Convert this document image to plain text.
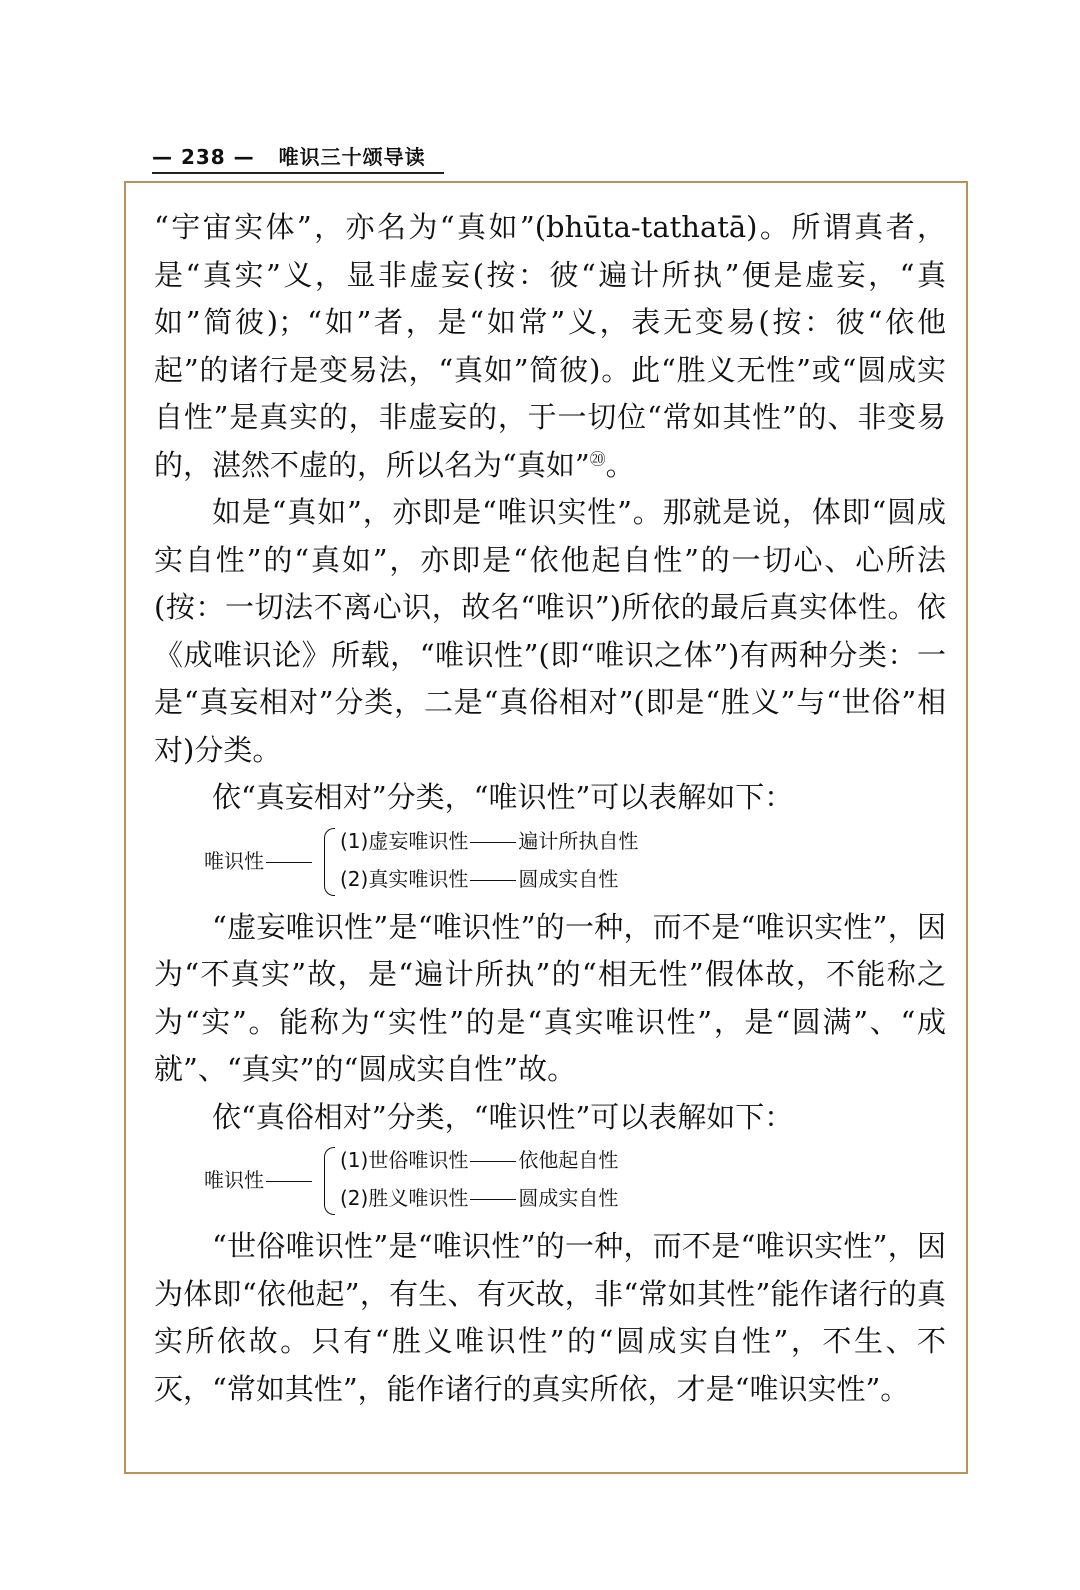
— 238 — 唯识三十颂导读

“宇宙实体”，亦名为“真如”(bhūta-tathatā)。所谓真者，是“真实”义，显非虚妄(按：彼“遍计所执”便是虚妄，“真如”简彼)；“如”者，是“如常”义，表无变易(按：彼“依他起”的诸行是变易法，“真如”简彼)。此“胜义无性”或“圆成实自性”是真实的，非虚妄的，于一切位“常如其性”的、非变易的，湛然不虚的，所以名为“真如”⑳。

如是“真如”，亦即是“唯识实性”。那就是说，体即“圆成实自性”的“真如”，亦即是“依他起自性”的一切心、心所法(按：一切法不离心识，故名“唯识”)所依的最后真实体性。依《成唯识论》所载，“唯识性”(即“唯识之体”)有两种分类：一是“真妄相对”分类，二是“真俗相对”(即是“胜义”与“世俗”相对)分类。

依“真妄相对”分类，“唯识性”可以表解如下：

唯识性
(1)虚妄唯识性	遍计所执自性
(2)真实唯识性	圆成实自性

“虚妄唯识性”是“唯识性”的一种，而不是“唯识实性”，因为“不真实”故，是“遍计所执”的“相无性”假体故，不能称之为“实”。能称为“实性”的是“真实唯识性”，是“圆满”、“成就”、“真实”的“圆成实自性”故。

依“真俗相对”分类，“唯识性”可以表解如下：

唯识性
(1)世俗唯识性	依他起自性
(2)胜义唯识性	圆成实自性

“世俗唯识性”是“唯识性”的一种，而不是“唯识实性”，因为体即“依他起”，有生、有灭故，非“常如其性”能作诸行的真实所依故。只有“胜义唯识性”的“圆成实自性”，不生、不灭，“常如其性”，能作诸行的真实所依，才是“唯识实性”。
